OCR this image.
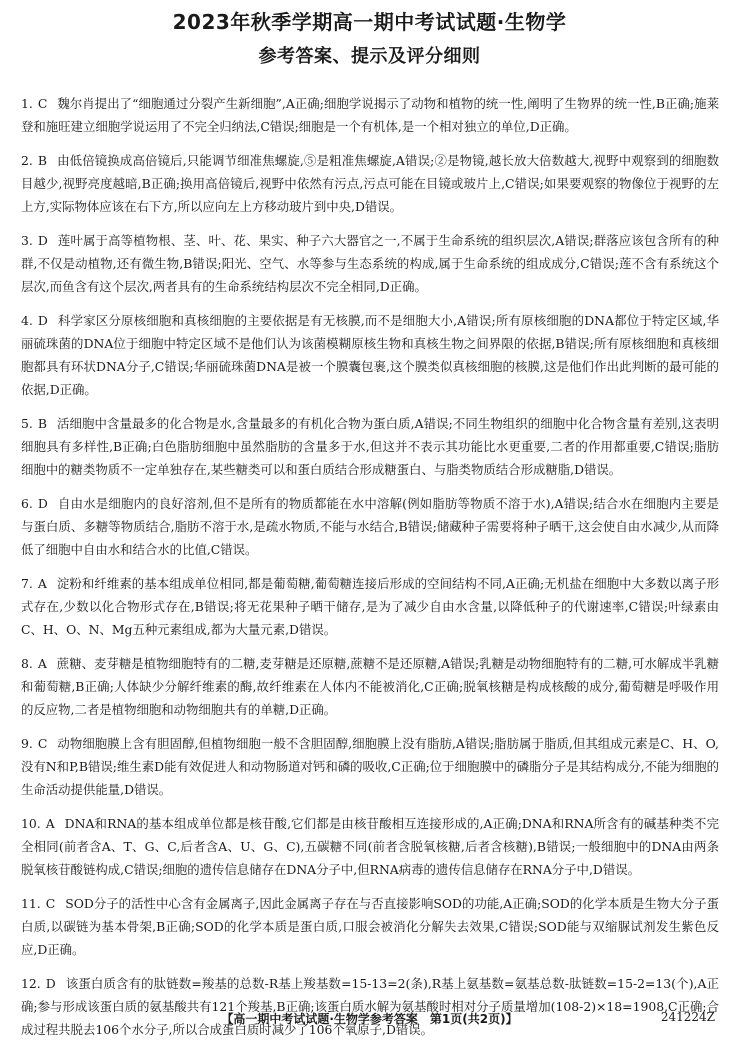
2023年秋季学期高一期中考试试题·生物学
参考答案、提示及评分细则

1. C 魏尔肖提出了“细胞通过分裂产生新细胞”,A正确;细胞学说揭示了动物和植物的统一性,阐明了生物界的统一性,B正确;施莱登和施旺建立细胞学说运用了不完全归纳法,C错误;细胞是一个有机体,是一个相对独立的单位,D正确。

2. B 由低倍镜换成高倍镜后,只能调节细准焦螺旋,⑤是粗准焦螺旋,A错误;②是物镜,越长放大倍数越大,视野中观察到的细胞数目越少,视野亮度越暗,B正确;换用高倍镜后,视野中依然有污点,污点可能在目镜或玻片上,C错误;如果要观察的物像位于视野的左上方,实际物体应该在右下方,所以应向左上方移动玻片到中央,D错误。

3. D 莲叶属于高等植物根、茎、叶、花、果实、种子六大器官之一,不属于生命系统的组织层次,A错误;群落应该包含所有的种群,不仅是动植物,还有微生物,B错误;阳光、空气、水等参与生态系统的构成,属于生命系统的组成成分,C错误;莲不含有系统这个层次,而鱼含有这个层次,两者具有的生命系统结构层次不完全相同,D正确。

4. D 科学家区分原核细胞和真核细胞的主要依据是有无核膜,而不是细胞大小,A错误;所有原核细胞的DNA都位于特定区域,华丽硫珠菌的DNA位于细胞中特定区域不是他们认为该菌模糊原核生物和真核生物之间界限的依据,B错误;所有原核细胞和真核细胞都具有环状DNA分子,C错误;华丽硫珠菌DNA是被一个膜囊包裹,这个膜类似真核细胞的核膜,这是他们作出此判断的最可能的依据,D正确。

5. B 活细胞中含量最多的化合物是水,含量最多的有机化合物为蛋白质,A错误;不同生物组织的细胞中化合物含量有差别,这表明细胞具有多样性,B正确;白色脂肪细胞中虽然脂肪的含量多于水,但这并不表示其功能比水更重要,二者的作用都重要,C错误;脂肪细胞中的糖类物质不一定单独存在,某些糖类可以和蛋白质结合形成糖蛋白、与脂类物质结合形成糖脂,D错误。

6. D 自由水是细胞内的良好溶剂,但不是所有的物质都能在水中溶解(例如脂肪等物质不溶于水),A错误;结合水在细胞内主要是与蛋白质、多糖等物质结合,脂肪不溶于水,是疏水物质,不能与水结合,B错误;储藏种子需要将种子晒干,这会使自由水减少,从而降低了细胞中自由水和结合水的比值,C错误。

7. A 淀粉和纤维素的基本组成单位相同,都是葡萄糖,葡萄糖连接后形成的空间结构不同,A正确;无机盐在细胞中大多数以离子形式存在,少数以化合物形式存在,B错误;将无花果种子晒干储存,是为了减少自由水含量,以降低种子的代谢速率,C错误;叶绿素由C、H、O、N、Mg五种元素组成,都为大量元素,D错误。

8. A 蔗糖、麦芽糖是植物细胞特有的二糖,麦芽糖是还原糖,蔗糖不是还原糖,A错误;乳糖是动物细胞特有的二糖,可水解成半乳糖和葡萄糖,B正确;人体缺少分解纤维素的酶,故纤维素在人体内不能被消化,C正确;脱氧核糖是构成核酸的成分,葡萄糖是呼吸作用的反应物,二者是植物细胞和动物细胞共有的单糖,D正确。

9. C 动物细胞膜上含有胆固醇,但植物细胞一般不含胆固醇,细胞膜上没有脂肪,A错误;脂肪属于脂质,但其组成元素是C、H、O,没有N和P,B错误;维生素D能有效促进人和动物肠道对钙和磷的吸收,C正确;位于细胞膜中的磷脂分子是其结构成分,不能为细胞的生命活动提供能量,D错误。

10. A DNA和RNA的基本组成单位都是核苷酸,它们都是由核苷酸相互连接形成的,A正确;DNA和RNA所含有的碱基种类不完全相同(前者含A、T、G、C,后者含A、U、G、C),五碳糖不同(前者含脱氧核糖,后者含核糖),B错误;一般细胞中的DNA由两条脱氧核苷酸链构成,C错误;细胞的遗传信息储存在DNA分子中,但RNA病毒的遗传信息储存在RNA分子中,D错误。

11. C SOD分子的活性中心含有金属离子,因此金属离子存在与否直接影响SOD的功能,A正确;SOD的化学本质是生物大分子蛋白质,以碳链为基本骨架,B正确;SOD的化学本质是蛋白质,口服会被消化分解失去效果,C错误;SOD能与双缩脲试剂发生紫色反应,D正确。

12. D 该蛋白质含有的肽链数=羧基的总数-R基上羧基数=15-13=2(条),R基上氨基数=氨基总数-肽链数=15-2=13(个),A正确;参与形成该蛋白质的氨基酸共有121个羧基,B正确;该蛋白质水解为氨基酸时相对分子质量增加(108-2)×18=1908,C正确;合成过程共脱去106个水分子,所以合成蛋白质时减少了106个氧原子,D错误。

【高一期中考试试题·生物学参考答案　第1页(共2页)】	241224Z
